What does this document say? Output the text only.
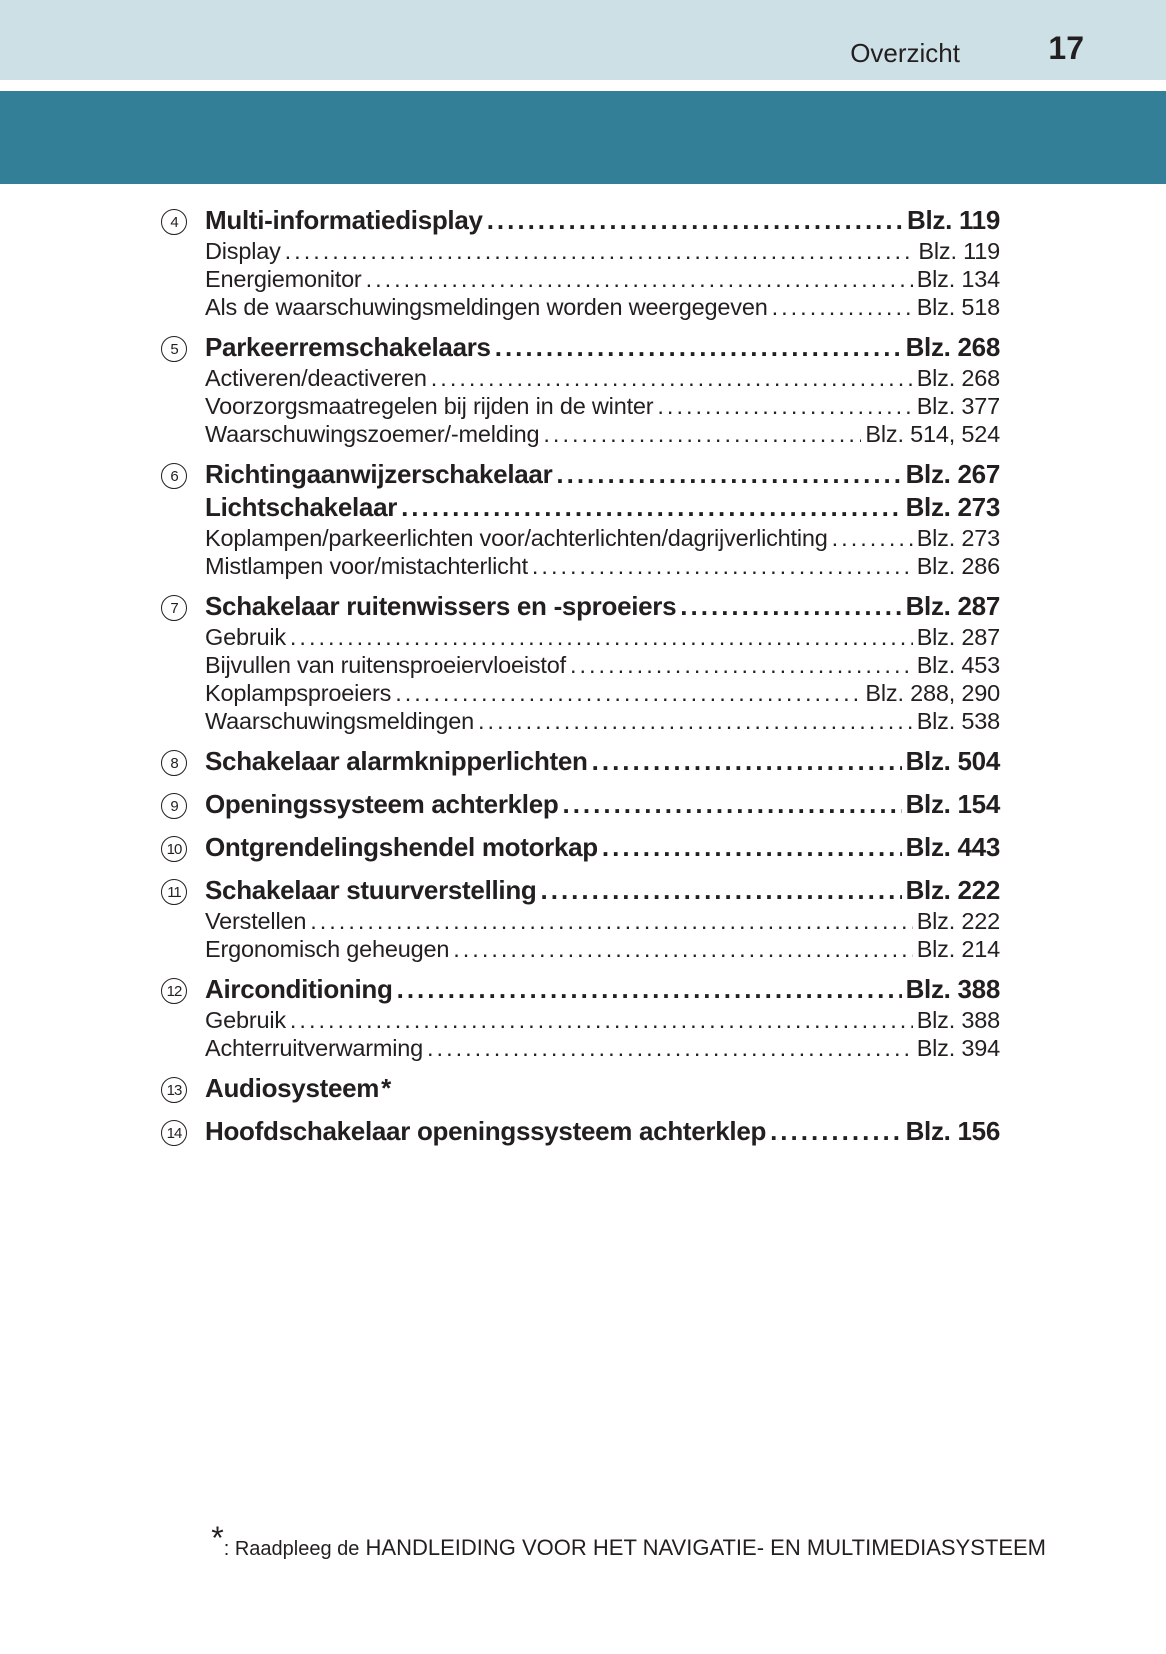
Overzicht	17
4	Multi-informatiedisplay .....	Blz. 119
Display .....	Blz. 119
Energiemonitor .....	Blz. 134
Als de waarschuwingsmeldingen worden weergegeven .....	Blz. 518
5	Parkeerremschakelaars .....	Blz. 268
Activeren/deactiveren .....	Blz. 268
Voorzorgsmaatregelen bij rijden in de winter .....	Blz. 377
Waarschuwingszoemer/-melding .....	Blz. 514, 524
6	Richtingaanwijzerschakelaar .....	Blz. 267
Lichtschakelaar .....	Blz. 273
Koplampen/parkeerlichten voor/achterlichten/dagrijverlichting .....	Blz. 273
Mistlampen voor/mistachterlicht .....	Blz. 286
7	Schakelaar ruitenwissers en -sproeiers .....	Blz. 287
Gebruik .....	Blz. 287
Bijvullen van ruitensproeiervloeistof .....	Blz. 453
Koplampsproeiers .....	Blz. 288, 290
Waarschuwingsmeldingen .....	Blz. 538
8	Schakelaar alarmknipperlichten .....	Blz. 504
9	Openingssysteem achterklep .....	Blz. 154
10 Ontgrendelingshendel motorkap .....	Blz. 443
11 Schakelaar stuurverstelling .....	Blz. 222
Verstellen .....	Blz. 222
Ergonomisch geheugen .....	Blz. 214
12 Airconditioning .....	Blz. 388
Gebruik .....	Blz. 388
Achterruitverwarming .....	Blz. 394
13 Audiosysteem *
14 Hoofdschakelaar openingssysteem achterklep .....	Blz. 156
*: Raadpleeg de HANDLEIDING VOOR HET NAVIGATIE- EN MULTIMEDIASYSTEEM
